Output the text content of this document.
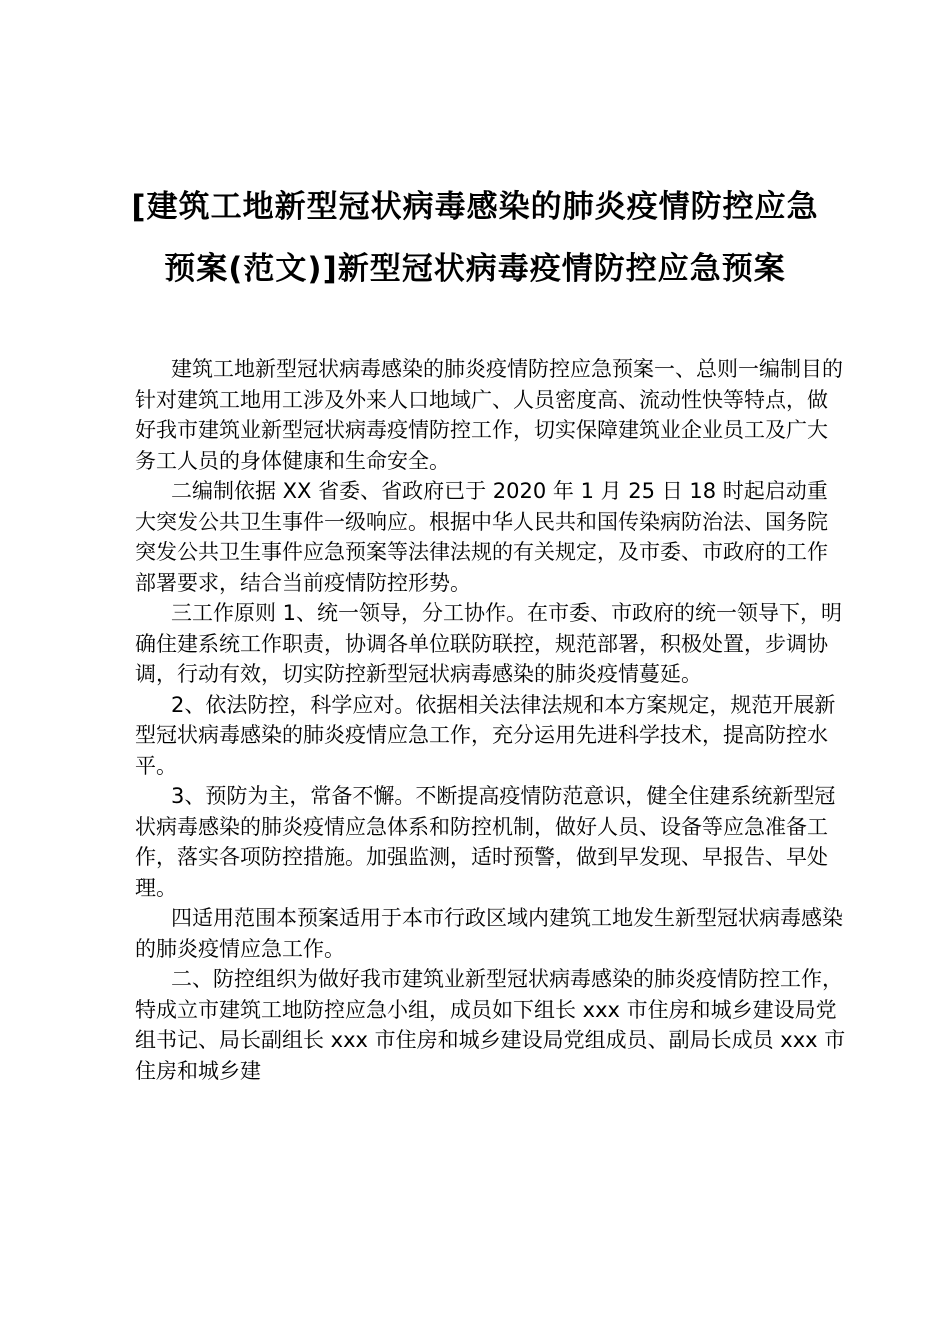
[建筑工地新型冠状病毒感染的肺炎疫情防控应急预案(范文)]新型冠状病毒疫情防控应急预案

建筑工地新型冠状病毒感染的肺炎疫情防控应急预案一、总则一编制目的针对建筑工地用工涉及外来人口地域广、人员密度高、流动性快等特点，做好我市建筑业新型冠状病毒疫情防控工作，切实保障建筑业企业员工及广大务工人员的身体健康和生命安全。

二编制依据 XX 省委、省政府已于 2020 年 1 月 25 日 18 时起启动重大突发公共卫生事件一级响应。根据中华人民共和国传染病防治法、国务院突发公共卫生事件应急预案等法律法规的有关规定，及市委、市政府的工作部署要求，结合当前疫情防控形势。

三工作原则 1、统一领导，分工协作。在市委、市政府的统一领导下，明确住建系统工作职责，协调各单位联防联控，规范部署，积极处置，步调协调，行动有效，切实防控新型冠状病毒感染的肺炎疫情蔓延。

2、依法防控，科学应对。依据相关法律法规和本方案规定，规范开展新型冠状病毒感染的肺炎疫情应急工作，充分运用先进科学技术，提高防控水平。

3、预防为主，常备不懈。不断提高疫情防范意识，健全住建系统新型冠状病毒感染的肺炎疫情应急体系和防控机制，做好人员、设备等应急准备工作，落实各项防控措施。加强监测，适时预警，做到早发现、早报告、早处理。

四适用范围本预案适用于本市行政区域内建筑工地发生新型冠状病毒感染的肺炎疫情应急工作。

二、防控组织为做好我市建筑业新型冠状病毒感染的肺炎疫情防控工作，特成立市建筑工地防控应急小组，成员如下组长 xxx 市住房和城乡建设局党组书记、局长副组长 xxx 市住房和城乡建设局党组成员、副局长成员 xxx 市住房和城乡建
